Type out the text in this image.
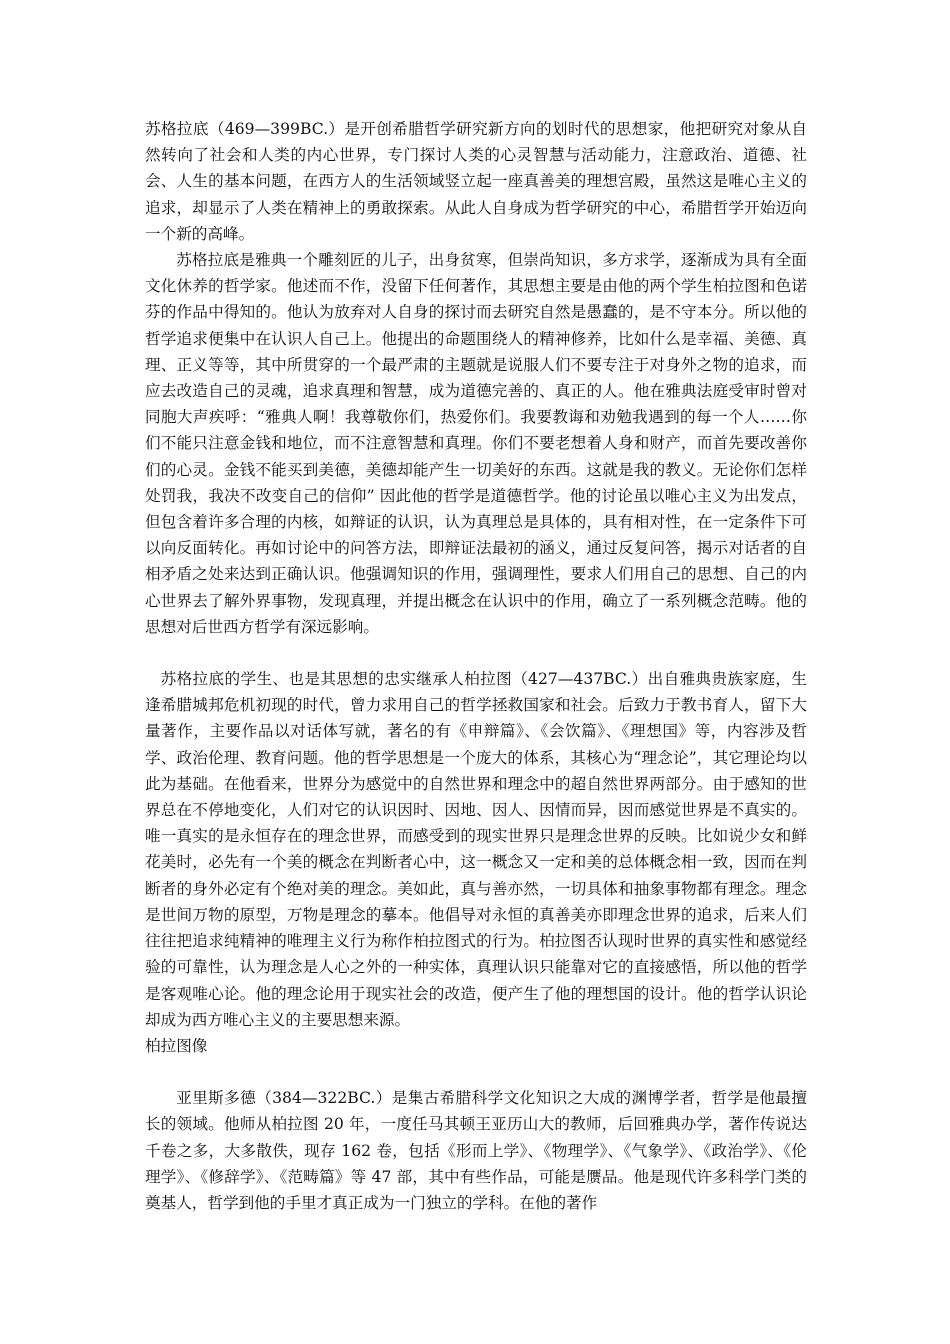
苏格拉底（469—399BC.）是开创希腊哲学研究新方向的划时代的思想家，他把研究对象从自然转向了社会和人类的内心世界，专门探讨人类的心灵智慧与活动能力，注意政治、道德、社会、人生的基本问题，在西方人的生活领域竖立起一座真善美的理想宫殿，虽然这是唯心主义的追求，却显示了人类在精神上的勇敢探索。从此人自身成为哲学研究的中心，希腊哲学开始迈向一个新的高峰。

苏格拉底是雅典一个雕刻匠的儿子，出身贫寒，但崇尚知识，多方求学，逐渐成为具有全面文化休养的哲学家。他述而不作，没留下任何著作，其思想主要是由他的两个学生柏拉图和色诺芬的作品中得知的。他认为放弃对人自身的探讨而去研究自然是愚蠢的，是不守本分。所以他的哲学追求便集中在认识人自己上。他提出的命题围绕人的精神修养，比如什么是幸福、美德、真理、正义等等，其中所贯穿的一个最严肃的主题就是说服人们不要专注于对身外之物的追求，而应去改造自己的灵魂，追求真理和智慧，成为道德完善的、真正的人。他在雅典法庭受审时曾对同胞大声疾呼：“雅典人啊！我尊敬你们，热爱你们。我要教诲和劝勉我遇到的每一个人……你们不能只注意金钱和地位，而不注意智慧和真理。你们不要老想着人身和财产，而首先要改善你们的心灵。金钱不能买到美德，美德却能产生一切美好的东西。这就是我的教义。无论你们怎样处罚我，我决不改变自己的信仰” 因此他的哲学是道德哲学。他的讨论虽以唯心主义为出发点，但包含着许多合理的内核，如辩证的认识，认为真理总是具体的，具有相对性，在一定条件下可以向反面转化。再如讨论中的问答方法，即辩证法最初的涵义，通过反复问答，揭示对话者的自相矛盾之处来达到正确认识。他强调知识的作用，强调理性，要求人们用自己的思想、自己的内心世界去了解外界事物，发现真理，并提出概念在认识中的作用，确立了一系列概念范畴。他的思想对后世西方哲学有深远影响。

苏格拉底的学生、也是其思想的忠实继承人柏拉图（427—437BC.）出自雅典贵族家庭，生逢希腊城邦危机初现的时代，曾力求用自己的哲学拯救国家和社会。后致力于教书育人，留下大量著作，主要作品以对话体写就，著名的有《申辩篇》、《会饮篇》、《理想国》等，内容涉及哲学、政治伦理、教育问题。他的哲学思想是一个庞大的体系，其核心为“理念论”，其它理论均以此为基础。在他看来，世界分为感觉中的自然世界和理念中的超自然世界两部分。由于感知的世界总在不停地变化，人们对它的认识因时、因地、因人、因情而异，因而感觉世界是不真实的。唯一真实的是永恒存在的理念世界，而感受到的现实世界只是理念世界的反映。比如说少女和鲜花美时，必先有一个美的概念在判断者心中，这一概念又一定和美的总体概念相一致，因而在判断者的身外必定有个绝对美的理念。美如此，真与善亦然，一切具体和抽象事物都有理念。理念是世间万物的原型，万物是理念的摹本。他倡导对永恒的真善美亦即理念世界的追求，后来人们往往把追求纯精神的唯理主义行为称作柏拉图式的行为。柏拉图否认现时世界的真实性和感觉经验的可靠性，认为理念是人心之外的一种实体，真理认识只能靠对它的直接感悟，所以他的哲学是客观唯心论。他的理念论用于现实社会的改造，便产生了他的理想国的设计。他的哲学认识论却成为西方唯心主义的主要思想来源。

柏拉图像

亚里斯多德（384—322BC.）是集古希腊科学文化知识之大成的渊博学者，哲学是他最擅长的领域。他师从柏拉图 20 年，一度任马其顿王亚历山大的教师，后回雅典办学，著作传说达千卷之多，大多散佚，现存 162 卷，包括《形而上学》、《物理学》、《气象学》、《政治学》、《伦理学》、《修辞学》、《范畴篇》等 47 部，其中有些作品，可能是赝品。他是现代许多科学门类的奠基人，哲学到他的手里才真正成为一门独立的学科。在他的著作
